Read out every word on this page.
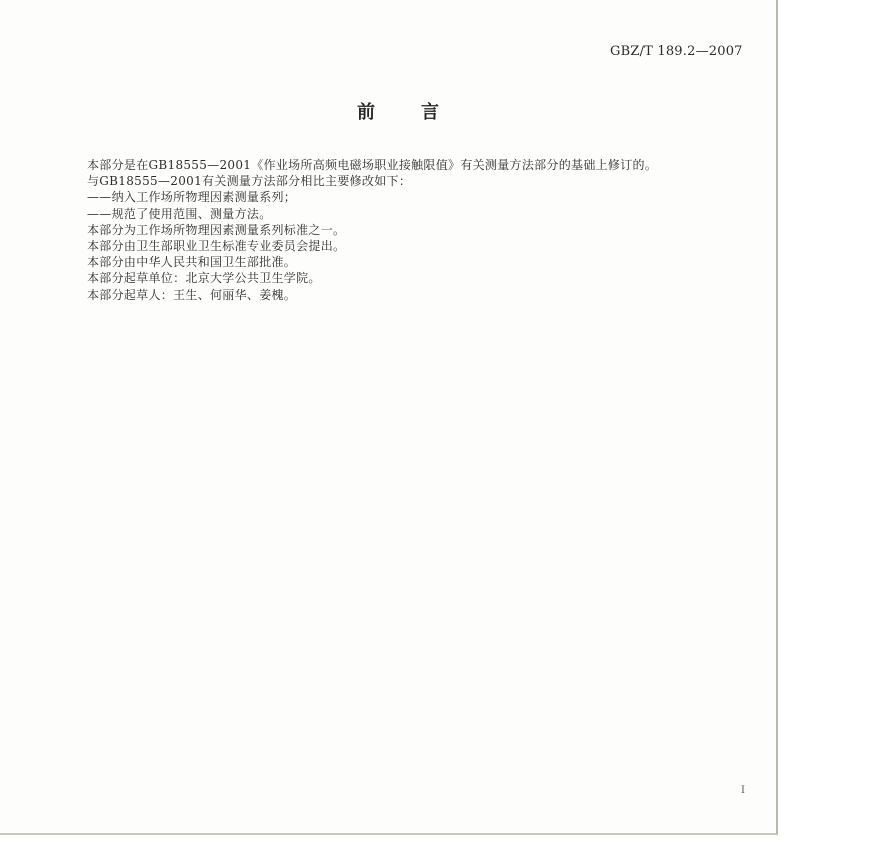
GBZ/T 189.2—2007
前言

本部分是在GB18555—2001《作业场所高频电磁场职业接触限值》有关测量方法部分的基础上修订的。

与GB18555—2001有关测量方法部分相比主要修改如下：

——纳入工作场所物理因素测量系列；

——规范了使用范围、测量方法。

本部分为工作场所物理因素测量系列标准之一。

本部分由卫生部职业卫生标准专业委员会提出。

本部分由中华人民共和国卫生部批准。

本部分起草单位：北京大学公共卫生学院。

本部分起草人：王生、何丽华、姜槐。

I
